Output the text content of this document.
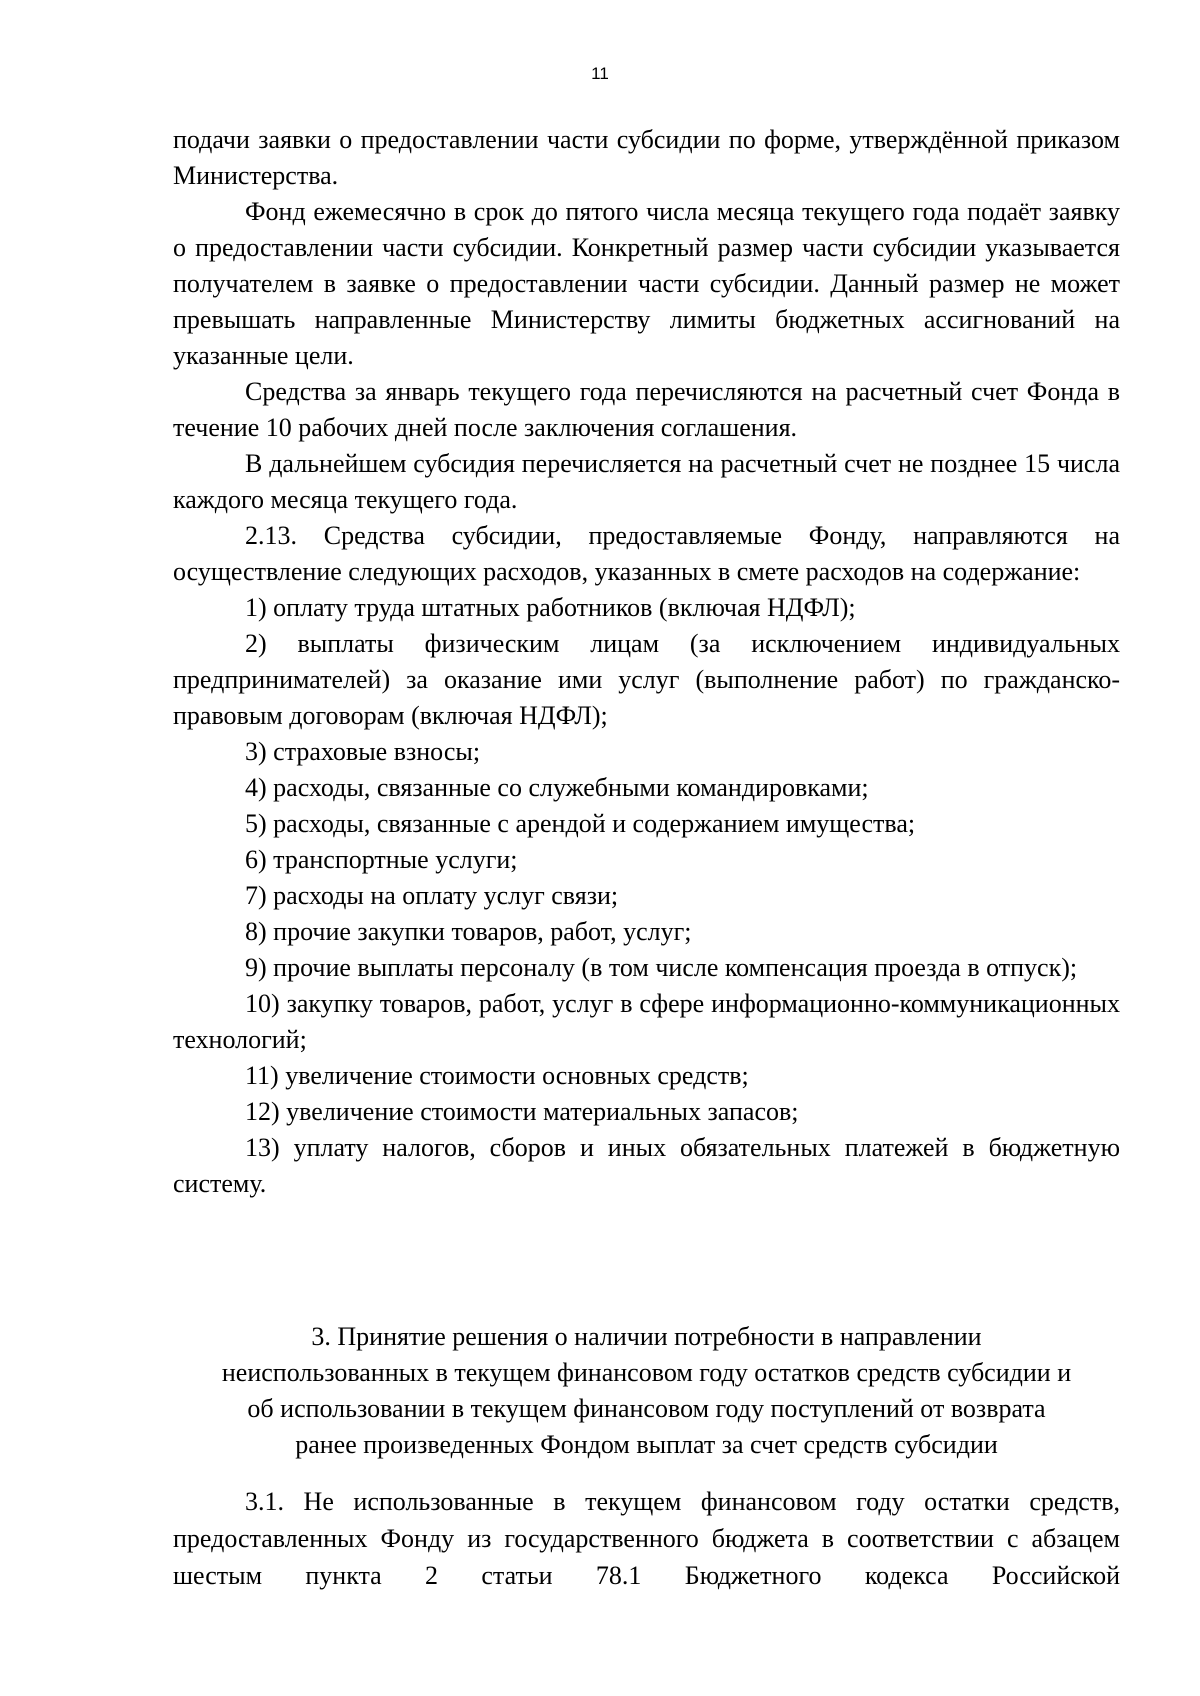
11

подачи заявки о предоставлении части субсидии по форме, утверждённой приказом Министерства.

Фонд ежемесячно в срок до пятого числа месяца текущего года подаёт заявку о предоставлении части субсидии. Конкретный размер части субсидии указывается получателем в заявке о предоставлении части субсидии. Данный размер не может превышать направленные Министерству лимиты бюджетных ассигнований на указанные цели.

Средства за январь текущего года перечисляются на расчетный счет Фонда в течение 10 рабочих дней после заключения соглашения.

В дальнейшем субсидия перечисляется на расчетный счет не позднее 15 числа каждого месяца текущего года.

2.13. Средства субсидии, предоставляемые Фонду, направляются на осуществление следующих расходов, указанных в смете расходов на содержание:

1) оплату труда штатных работников (включая НДФЛ);

2) выплаты физическим лицам (за исключением индивидуальных предпринимателей) за оказание ими услуг (выполнение работ) по гражданско-правовым договорам (включая НДФЛ);

3) страховые взносы;

4) расходы, связанные со служебными командировками;

5) расходы, связанные с арендой и содержанием имущества;

6) транспортные услуги;

7) расходы на оплату услуг связи;

8) прочие закупки товаров, работ, услуг;

9) прочие выплаты персоналу (в том числе компенсация проезда в отпуск);

10) закупку товаров, работ, услуг в сфере информационно-коммуникационных технологий;

11) увеличение стоимости основных средств;

12) увеличение стоимости материальных запасов;

13) уплату налогов, сборов и иных обязательных платежей в бюджетную систему.

3. Принятие решения о наличии потребности в направлении
неиспользованных в текущем финансовом году остатков средств субсидии и
об использовании в текущем финансовом году поступлений от возврата
ранее произведенных Фондом выплат за счет средств субсидии

3.1. Не использованные в текущем финансовом году остатки средств, предоставленных Фонду из государственного бюджета в соответствии с абзацем шестым пункта 2 статьи 78.1 Бюджетного кодекса Российской
